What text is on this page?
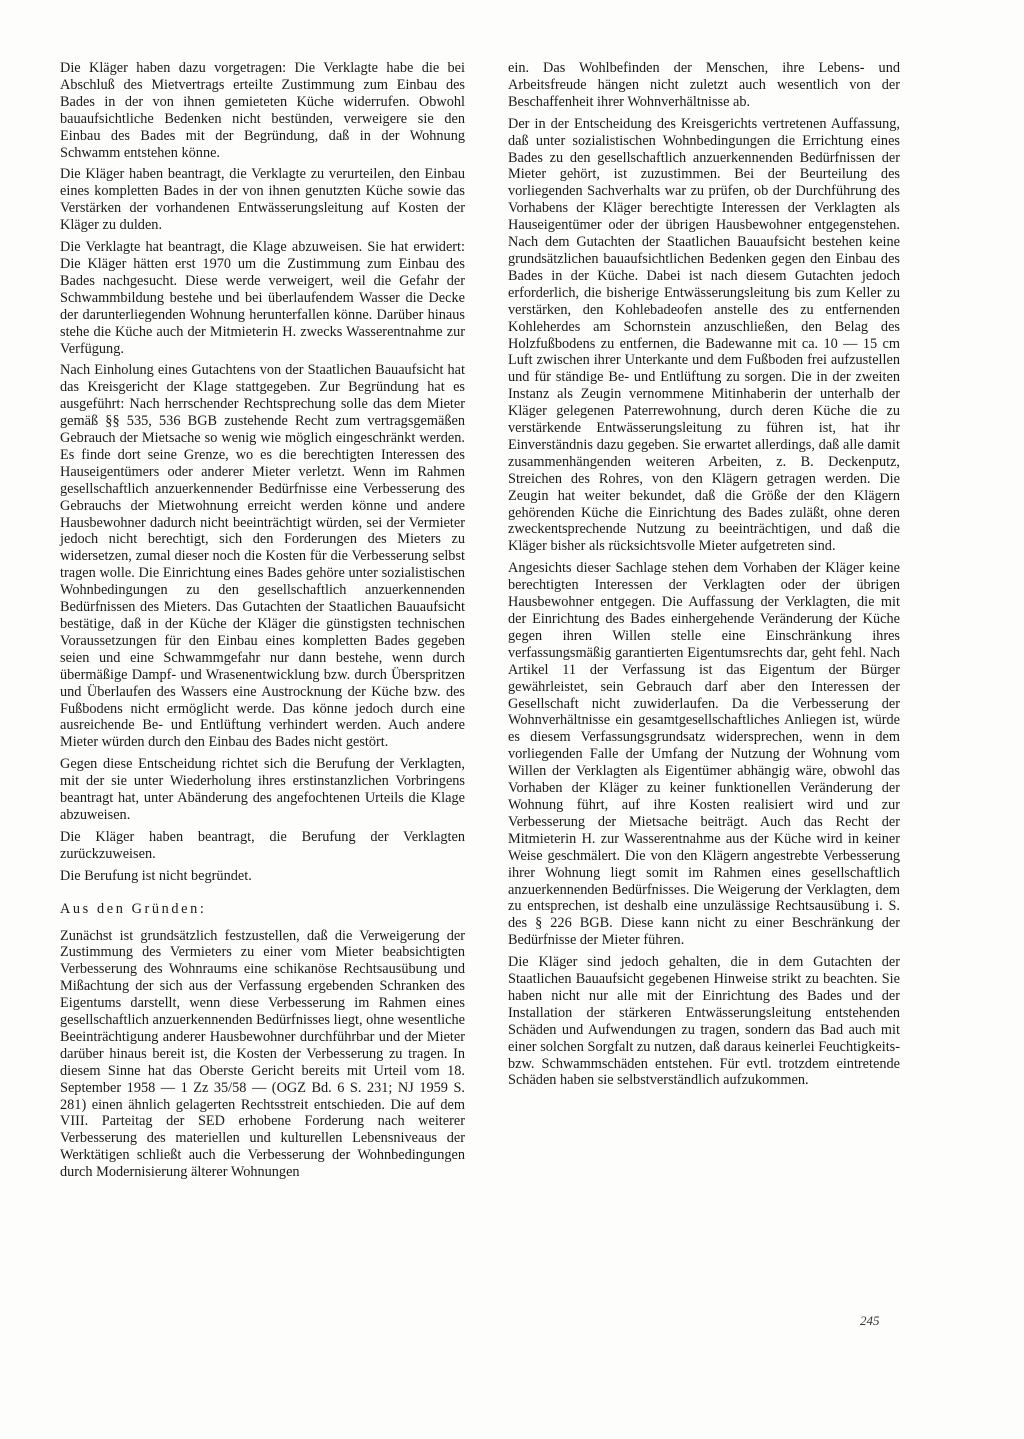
Die Kläger haben dazu vorgetragen: Die Verklagte habe die bei Abschluß des Mietvertrags erteilte Zustimmung zum Einbau des Bades in der von ihnen gemieteten Küche widerrufen. Obwohl bauaufsichtliche Bedenken nicht bestünden, verweigere sie den Einbau des Bades mit der Begründung, daß in der Wohnung Schwamm entstehen könne.

Die Kläger haben beantragt, die Verklagte zu verurteilen, den Einbau eines kompletten Bades in der von ihnen genutzten Küche sowie das Verstärken der vorhandenen Entwässerungsleitung auf Kosten der Kläger zu dulden.

Die Verklagte hat beantragt, die Klage abzuweisen. Sie hat erwidert: Die Kläger hätten erst 1970 um die Zustimmung zum Einbau des Bades nachgesucht. Diese werde verweigert, weil die Gefahr der Schwammbildung bestehe und bei überlaufendem Wasser die Decke der darunterliegenden Wohnung herunterfallen könne. Darüber hinaus stehe die Küche auch der Mitmieterin H. zwecks Wasserentnahme zur Verfügung.

Nach Einholung eines Gutachtens von der Staatlichen Bauaufsicht hat das Kreisgericht der Klage stattgegeben. Zur Begründung hat es ausgeführt: Nach herrschender Rechtsprechung solle das dem Mieter gemäß §§ 535, 536 BGB zustehende Recht zum vertragsgemäßen Gebrauch der Mietsache so wenig wie möglich eingeschränkt werden. Es finde dort seine Grenze, wo es die berechtigten Interessen des Hauseigentümers oder anderer Mieter verletzt. Wenn im Rahmen gesellschaftlich anzuerkennender Bedürfnisse eine Verbesserung des Gebrauchs der Mietwohnung erreicht werden könne und andere Hausbewohner dadurch nicht beeinträchtigt würden, sei der Vermieter jedoch nicht berechtigt, sich den Forderungen des Mieters zu widersetzen, zumal dieser noch die Kosten für die Verbesserung selbst tragen wolle. Die Einrichtung eines Bades gehöre unter sozialistischen Wohnbedingungen zu den gesellschaftlich anzuerkennenden Bedürfnissen des Mieters. Das Gutachten der Staatlichen Bauaufsicht bestätige, daß in der Küche der Kläger die günstigsten technischen Voraussetzungen für den Einbau eines kompletten Bades gegeben seien und eine Schwammgefahr nur dann bestehe, wenn durch übermäßige Dampf- und Wrasenentwicklung bzw. durch Überspritzen und Überlaufen des Wassers eine Austrocknung der Küche bzw. des Fußbodens nicht ermöglicht werde. Das könne jedoch durch eine ausreichende Be- und Entlüftung verhindert werden. Auch andere Mieter würden durch den Einbau des Bades nicht gestört.

Gegen diese Entscheidung richtet sich die Berufung der Verklagten, mit der sie unter Wiederholung ihres erstinstanzlichen Vorbringens beantragt hat, unter Abänderung des angefochtenen Urteils die Klage abzuweisen.

Die Kläger haben beantragt, die Berufung der Verklagten zurückzuweisen.

Die Berufung ist nicht begründet.

Aus den Gründen:

Zunächst ist grundsätzlich festzustellen, daß die Verweigerung der Zustimmung des Vermieters zu einer vom Mieter beabsichtigten Verbesserung des Wohnraums eine schikanöse Rechtsausübung und Mißachtung der sich aus der Verfassung ergebenden Schranken des Eigentums darstellt, wenn diese Verbesserung im Rahmen eines gesellschaftlich anzuerkennenden Bedürfnisses liegt, ohne wesentliche Beeinträchtigung anderer Hausbewohner durchführbar und der Mieter darüber hinaus bereit ist, die Kosten der Verbesserung zu tragen. In diesem Sinne hat das Oberste Gericht bereits mit Urteil vom 18. September 1958 — 1 Zz 35/58 — (OGZ Bd. 6 S. 231; NJ 1959 S. 281) einen ähnlich gelagerten Rechtsstreit entschieden. Die auf dem VIII. Parteitag der SED erhobene Forderung nach weiterer Verbesserung des materiellen und kulturellen Lebensniveaus der Werktätigen schließt auch die Verbesserung der Wohnbedingungen durch Modernisierung älterer Wohnungen

ein. Das Wohlbefinden der Menschen, ihre Lebens- und Arbeitsfreude hängen nicht zuletzt auch wesentlich von der Beschaffenheit ihrer Wohnverhältnisse ab.

Der in der Entscheidung des Kreisgerichts vertretenen Auffassung, daß unter sozialistischen Wohnbedingungen die Errichtung eines Bades zu den gesellschaftlich anzuerkennenden Bedürfnissen der Mieter gehört, ist zuzustimmen. Bei der Beurteilung des vorliegenden Sachverhalts war zu prüfen, ob der Durchführung des Vorhabens der Kläger berechtigte Interessen der Verklagten als Hauseigentümer oder der übrigen Hausbewohner entgegenstehen. Nach dem Gutachten der Staatlichen Bauaufsicht bestehen keine grundsätzlichen bauaufsichtlichen Bedenken gegen den Einbau des Bades in der Küche. Dabei ist nach diesem Gutachten jedoch erforderlich, die bisherige Entwässerungsleitung bis zum Keller zu verstärken, den Kohlebadeofen anstelle des zu entfernenden Kohleherdes am Schornstein anzuschließen, den Belag des Holzfußbodens zu entfernen, die Badewanne mit ca. 10 — 15 cm Luft zwischen ihrer Unterkante und dem Fußboden frei aufzustellen und für ständige Be- und Entlüftung zu sorgen. Die in der zweiten Instanz als Zeugin vernommene Mitinhaberin der unterhalb der Kläger gelegenen Paterrewohnung, durch deren Küche die zu verstärkende Entwässerungsleitung zu führen ist, hat ihr Einverständnis dazu gegeben. Sie erwartet allerdings, daß alle damit zusammenhängenden weiteren Arbeiten, z. B. Deckenputz, Streichen des Rohres, von den Klägern getragen werden. Die Zeugin hat weiter bekundet, daß die Größe der den Klägern gehörenden Küche die Einrichtung des Bades zuläßt, ohne deren zweckentsprechende Nutzung zu beeinträchtigen, und daß die Kläger bisher als rücksichtsvolle Mieter aufgetreten sind.

Angesichts dieser Sachlage stehen dem Vorhaben der Kläger keine berechtigten Interessen der Verklagten oder der übrigen Hausbewohner entgegen. Die Auffassung der Verklagten, die mit der Einrichtung des Bades einhergehende Veränderung der Küche gegen ihren Willen stelle eine Einschränkung ihres verfassungsmäßig garantierten Eigentumsrechts dar, geht fehl. Nach Artikel 11 der Verfassung ist das Eigentum der Bürger gewährleistet, sein Gebrauch darf aber den Interessen der Gesellschaft nicht zuwiderlaufen. Da die Verbesserung der Wohnverhältnisse ein gesamtgesellschaftliches Anliegen ist, würde es diesem Verfassungsgrundsatz widersprechen, wenn in dem vorliegenden Falle der Umfang der Nutzung der Wohnung vom Willen der Verklagten als Eigentümer abhängig wäre, obwohl das Vorhaben der Kläger zu keiner funktionellen Veränderung der Wohnung führt, auf ihre Kosten realisiert wird und zur Verbesserung der Mietsache beiträgt. Auch das Recht der Mitmieterin H. zur Wasserentnahme aus der Küche wird in keiner Weise geschmälert. Die von den Klägern angestrebte Verbesserung ihrer Wohnung liegt somit im Rahmen eines gesellschaftlich anzuerkennenden Bedürfnisses. Die Weigerung der Verklagten, dem zu entsprechen, ist deshalb eine unzulässige Rechtsausübung i. S. des § 226 BGB. Diese kann nicht zu einer Beschränkung der Bedürfnisse der Mieter führen.

Die Kläger sind jedoch gehalten, die in dem Gutachten der Staatlichen Bauaufsicht gegebenen Hinweise strikt zu beachten. Sie haben nicht nur alle mit der Einrichtung des Bades und der Installation der stärkeren Entwässerungsleitung entstehenden Schäden und Aufwendungen zu tragen, sondern das Bad auch mit einer solchen Sorgfalt zu nutzen, daß daraus keinerlei Feuchtigkeits- bzw. Schwammschäden entstehen. Für evtl. trotzdem eintretende Schäden haben sie selbstverständlich aufzukommen.

245
